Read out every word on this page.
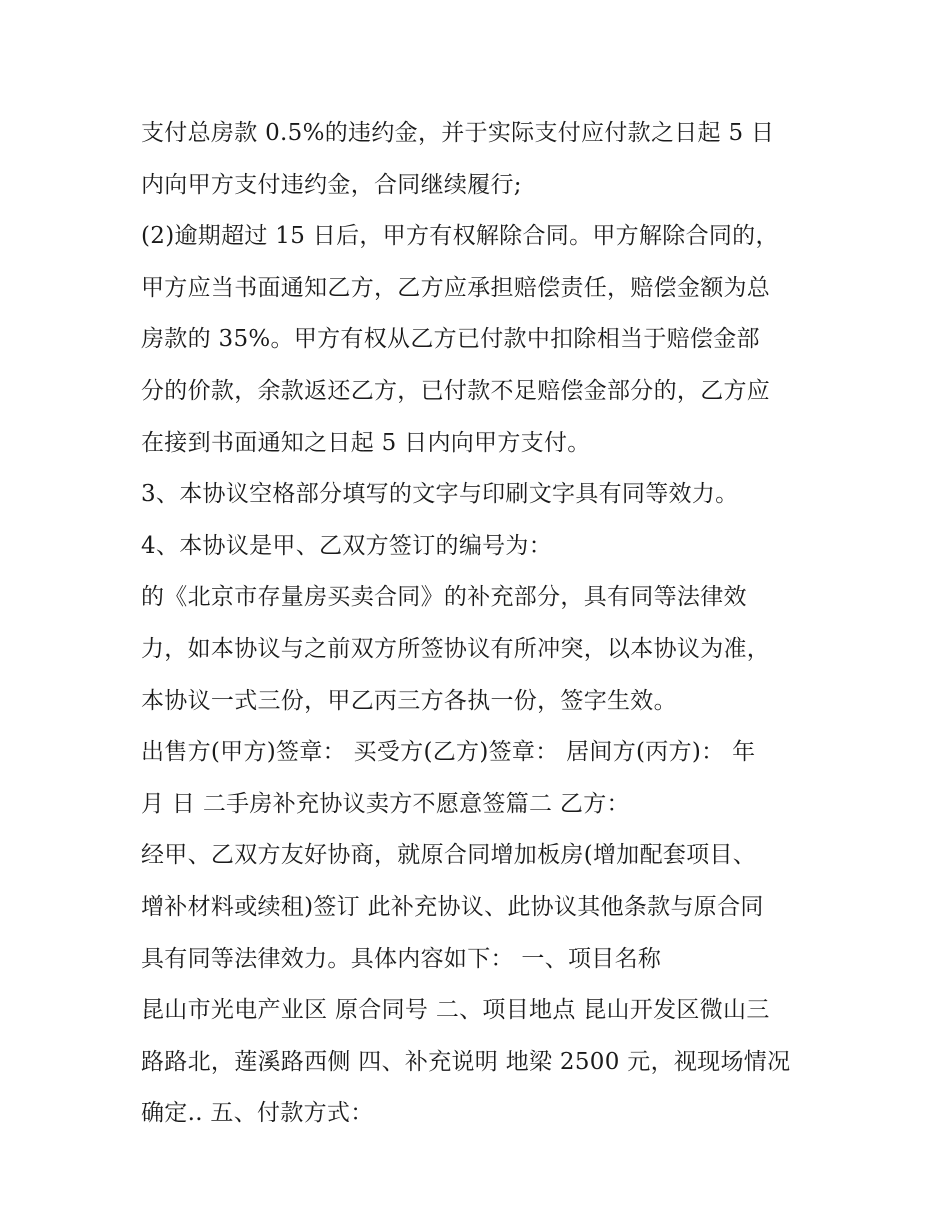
支付总房款 0.5%的违约金，并于实际支付应付款之日起 5 日
内向甲方支付违约金，合同继续履行;
(2)逾期超过 15 日后，甲方有权解除合同。甲方解除合同的，
甲方应当书面通知乙方，乙方应承担赔偿责任，赔偿金额为总
房款的 35%。甲方有权从乙方已付款中扣除相当于赔偿金部
分的价款，余款返还乙方，已付款不足赔偿金部分的，乙方应
在接到书面通知之日起 5 日内向甲方支付。
3、本协议空格部分填写的文字与印刷文字具有同等效力。
4、本协议是甲、乙双方签订的编号为：
的《北京市存量房买卖合同》的补充部分，具有同等法律效
力，如本协议与之前双方所签协议有所冲突，以本协议为准，
本协议一式三份，甲乙丙三方各执一份，签字生效。
出售方(甲方)签章： 买受方(乙方)签章： 居间方(丙方)： 年
月 日 二手房补充协议卖方不愿意签篇二 乙方：
经甲、乙双方友好协商，就原合同增加板房(增加配套项目、
增补材料或续租)签订 此补充协议、此协议其他条款与原合同
具有同等法律效力。具体内容如下： 一、项目名称
昆山市光电产业区 原合同号 二、项目地点 昆山开发区微山三
路路北，莲溪路西侧 四、补充说明 地梁 2500 元，视现场情况
确定.. 五、付款方式：
